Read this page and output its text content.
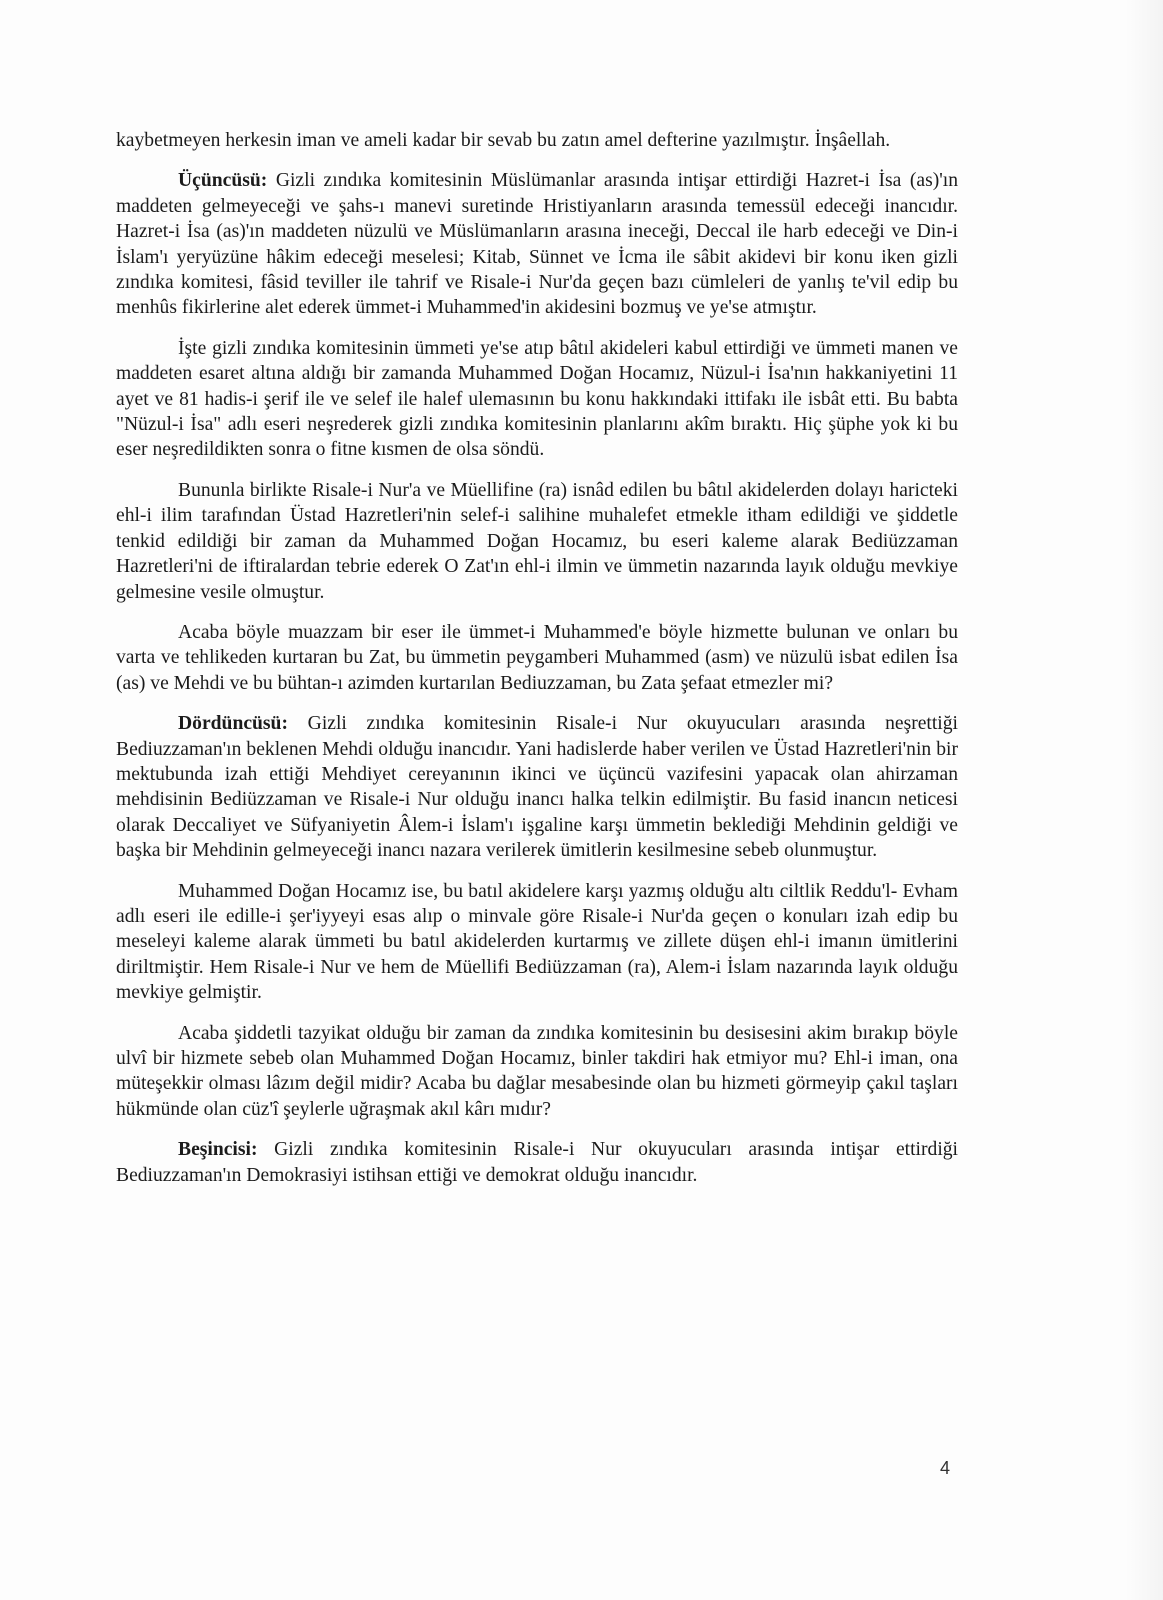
kaybetmeyen herkesin iman ve ameli kadar bir sevab bu zatın amel defterine yazılmıştır. İnşâellah.

Üçüncüsü: Gizli zındıka komitesinin Müslümanlar arasında intişar ettirdiği Hazret-i İsa (as)'ın maddeten gelmeyeceği ve şahs-ı manevi suretinde Hristiyanların arasında temessül edeceği inancıdır. Hazret-i İsa (as)'ın maddeten nüzulü ve Müslümanların arasına ineceği, Deccal ile harb edeceği ve Din-i İslam'ı yeryüzüne hâkim edeceği meselesi; Kitab, Sünnet ve İcma ile sâbit akidevi bir konu iken gizli zındıka komitesi, fâsid teviller ile tahrif ve Risale-i Nur'da geçen bazı cümleleri de yanlış te'vil edip bu menhûs fikirlerine alet ederek ümmet-i Muhammed'in akidesini bozmuş ve ye'se atmıştır.

İşte gizli zındıka komitesinin ümmeti ye'se atıp bâtıl akideleri kabul ettirdiği ve ümmeti manen ve maddeten esaret altına aldığı bir zamanda Muhammed Doğan Hocamız, Nüzul-i İsa'nın hakkaniyetini 11 ayet ve 81 hadis-i şerif ile ve selef ile halef ulemasının bu konu hakkındaki ittifakı ile isbât etti. Bu babta "Nüzul-i İsa" adlı eseri neşrederek gizli zındıka komitesinin planlarını akîm bıraktı. Hiç şüphe yok ki bu eser neşredildikten sonra o fitne kısmen de olsa söndü.

Bununla birlikte Risale-i Nur'a ve Müellifine (ra) isnâd edilen bu bâtıl akidelerden dolayı haricteki ehl-i ilim tarafından Üstad Hazretleri'nin selef-i salihine muhalefet etmekle itham edildiği ve şiddetle tenkid edildiği bir zaman da Muhammed Doğan Hocamız, bu eseri kaleme alarak Bediüzzaman Hazretleri'ni de iftiralardan tebrie ederek O Zat'ın ehl-i ilmin ve ümmetin nazarında layık olduğu mevkiye gelmesine vesile olmuştur.

Acaba böyle muazzam bir eser ile ümmet-i Muhammed'e böyle hizmette bulunan ve onları bu varta ve tehlikeden kurtaran bu Zat, bu ümmetin peygamberi Muhammed (asm) ve nüzulü isbat edilen İsa (as) ve Mehdi ve bu bühtan-ı azimden kurtarılan Bediuzzaman, bu Zata şefaat etmezler mi?

Dördüncüsü: Gizli zındıka komitesinin Risale-i Nur okuyucuları arasında neşrettiği Bediuzzaman'ın beklenen Mehdi olduğu inancıdır. Yani hadislerde haber verilen ve Üstad Hazretleri'nin bir mektubunda izah ettiği Mehdiyet cereyanının ikinci ve üçüncü vazifesini yapacak olan ahirzaman mehdisinin Bediüzzaman ve Risale-i Nur olduğu inancı halka telkin edilmiştir. Bu fasid inancın neticesi olarak Deccaliyet ve Süfyaniyetin Âlem-i İslam'ı işgaline karşı ümmetin beklediği Mehdinin geldiği ve başka bir Mehdinin gelmeyeceği inancı nazara verilerek ümitlerin kesilmesine sebeb olunmuştur.

Muhammed Doğan Hocamız ise, bu batıl akidelere karşı yazmış olduğu altı ciltlik Reddu'l- Evham adlı eseri ile edille-i şer'iyyeyi esas alıp o minvale göre Risale-i Nur'da geçen o konuları izah edip bu meseleyi kaleme alarak ümmeti bu batıl akidelerden kurtarmış ve zillete düşen ehl-i imanın ümitlerini diriltmiştir. Hem Risale-i Nur ve hem de Müellifi Bediüzzaman (ra), Alem-i İslam nazarında layık olduğu mevkiye gelmiştir.

Acaba şiddetli tazyikat olduğu bir zaman da zındıka komitesinin bu desisesini akim bırakıp böyle ulvî bir hizmete sebeb olan Muhammed Doğan Hocamız, binler takdiri hak etmiyor mu? Ehl-i iman, ona müteşekkir olması lâzım değil midir? Acaba bu dağlar mesabesinde olan bu hizmeti görmeyip çakıl taşları hükmünde olan cüz'î şeylerle uğraşmak akıl kârı mıdır?

Beşincisi: Gizli zındıka komitesinin Risale-i Nur okuyucuları arasında intişar ettirdiği Bediuzzaman'ın Demokrasiyi istihsan ettiği ve demokrat olduğu inancıdır.

4
